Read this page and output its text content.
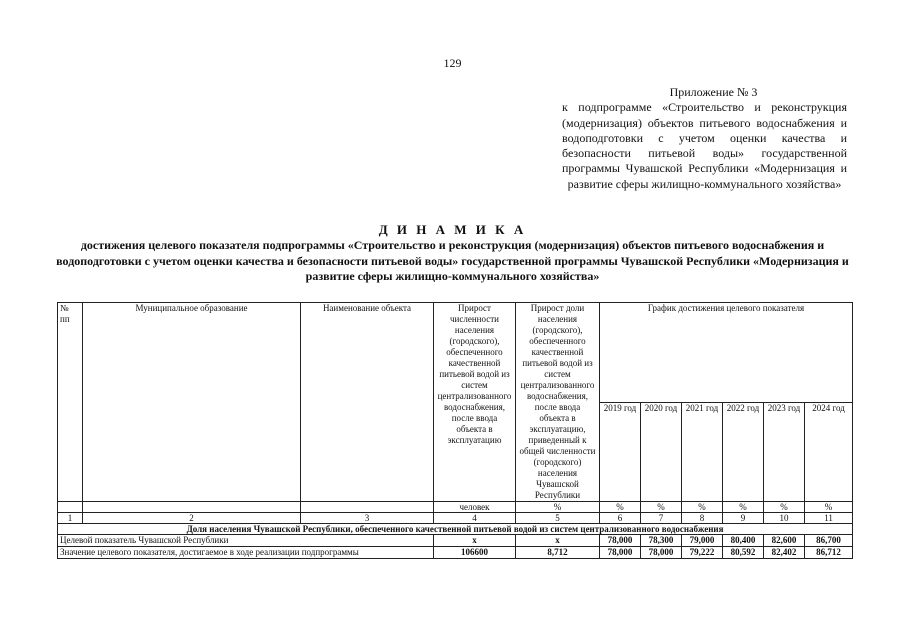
129
Приложение № 3
к подпрограмме «Строительство и реконструкция (модернизация) объектов питьевого водоснабжения и водоподготовки с учетом оценки качества и безопасности питьевой воды» государственной программы Чувашской Республики «Модернизация и развитие сферы жилищно-коммунального хозяйства»
Д И Н А М И К А
достижения целевого показателя подпрограммы «Строительство и реконструкция (модернизация) объектов питьевого водоснабжения и водоподготовки с учетом оценки качества и безопасности питьевой воды» государственной программы Чувашской Республики «Модернизация и развитие сферы жилищно-коммунального хозяйства»
№ пп	Муниципальное образование	Наименование объекта	Прирост численности населения (городского), обеспеченного качественной питьевой водой из систем централизованного водоснабжения, после ввода объекта в эксплуатацию	Прирост доли населения (городского), обеспеченного качественной питьевой водой из систем централизованного водоснабжения, после ввода объекта в эксплуатацию, приведенный к общей численности (городского) населения Чувашской Республики	График достижения целевого показателя					
					2019 год	2020 год	2021 год	2022 год	2023 год	2024 год
			человек	%	%	%	%	%	%	%
1	2	3	4	5	6	7	8	9	10	11
Доля населения Чувашской Республики, обеспеченного качественной питьевой водой из систем централизованного водоснабжения										
Целевой показатель Чувашской Республики			x	x	78,000	78,300	79,000	80,400	82,600	86,700
Значение целевого показателя, достигаемое в ходе реализации подпрограммы			106600	8,712	78,000	78,000	79,222	80,592	82,402	86,712
